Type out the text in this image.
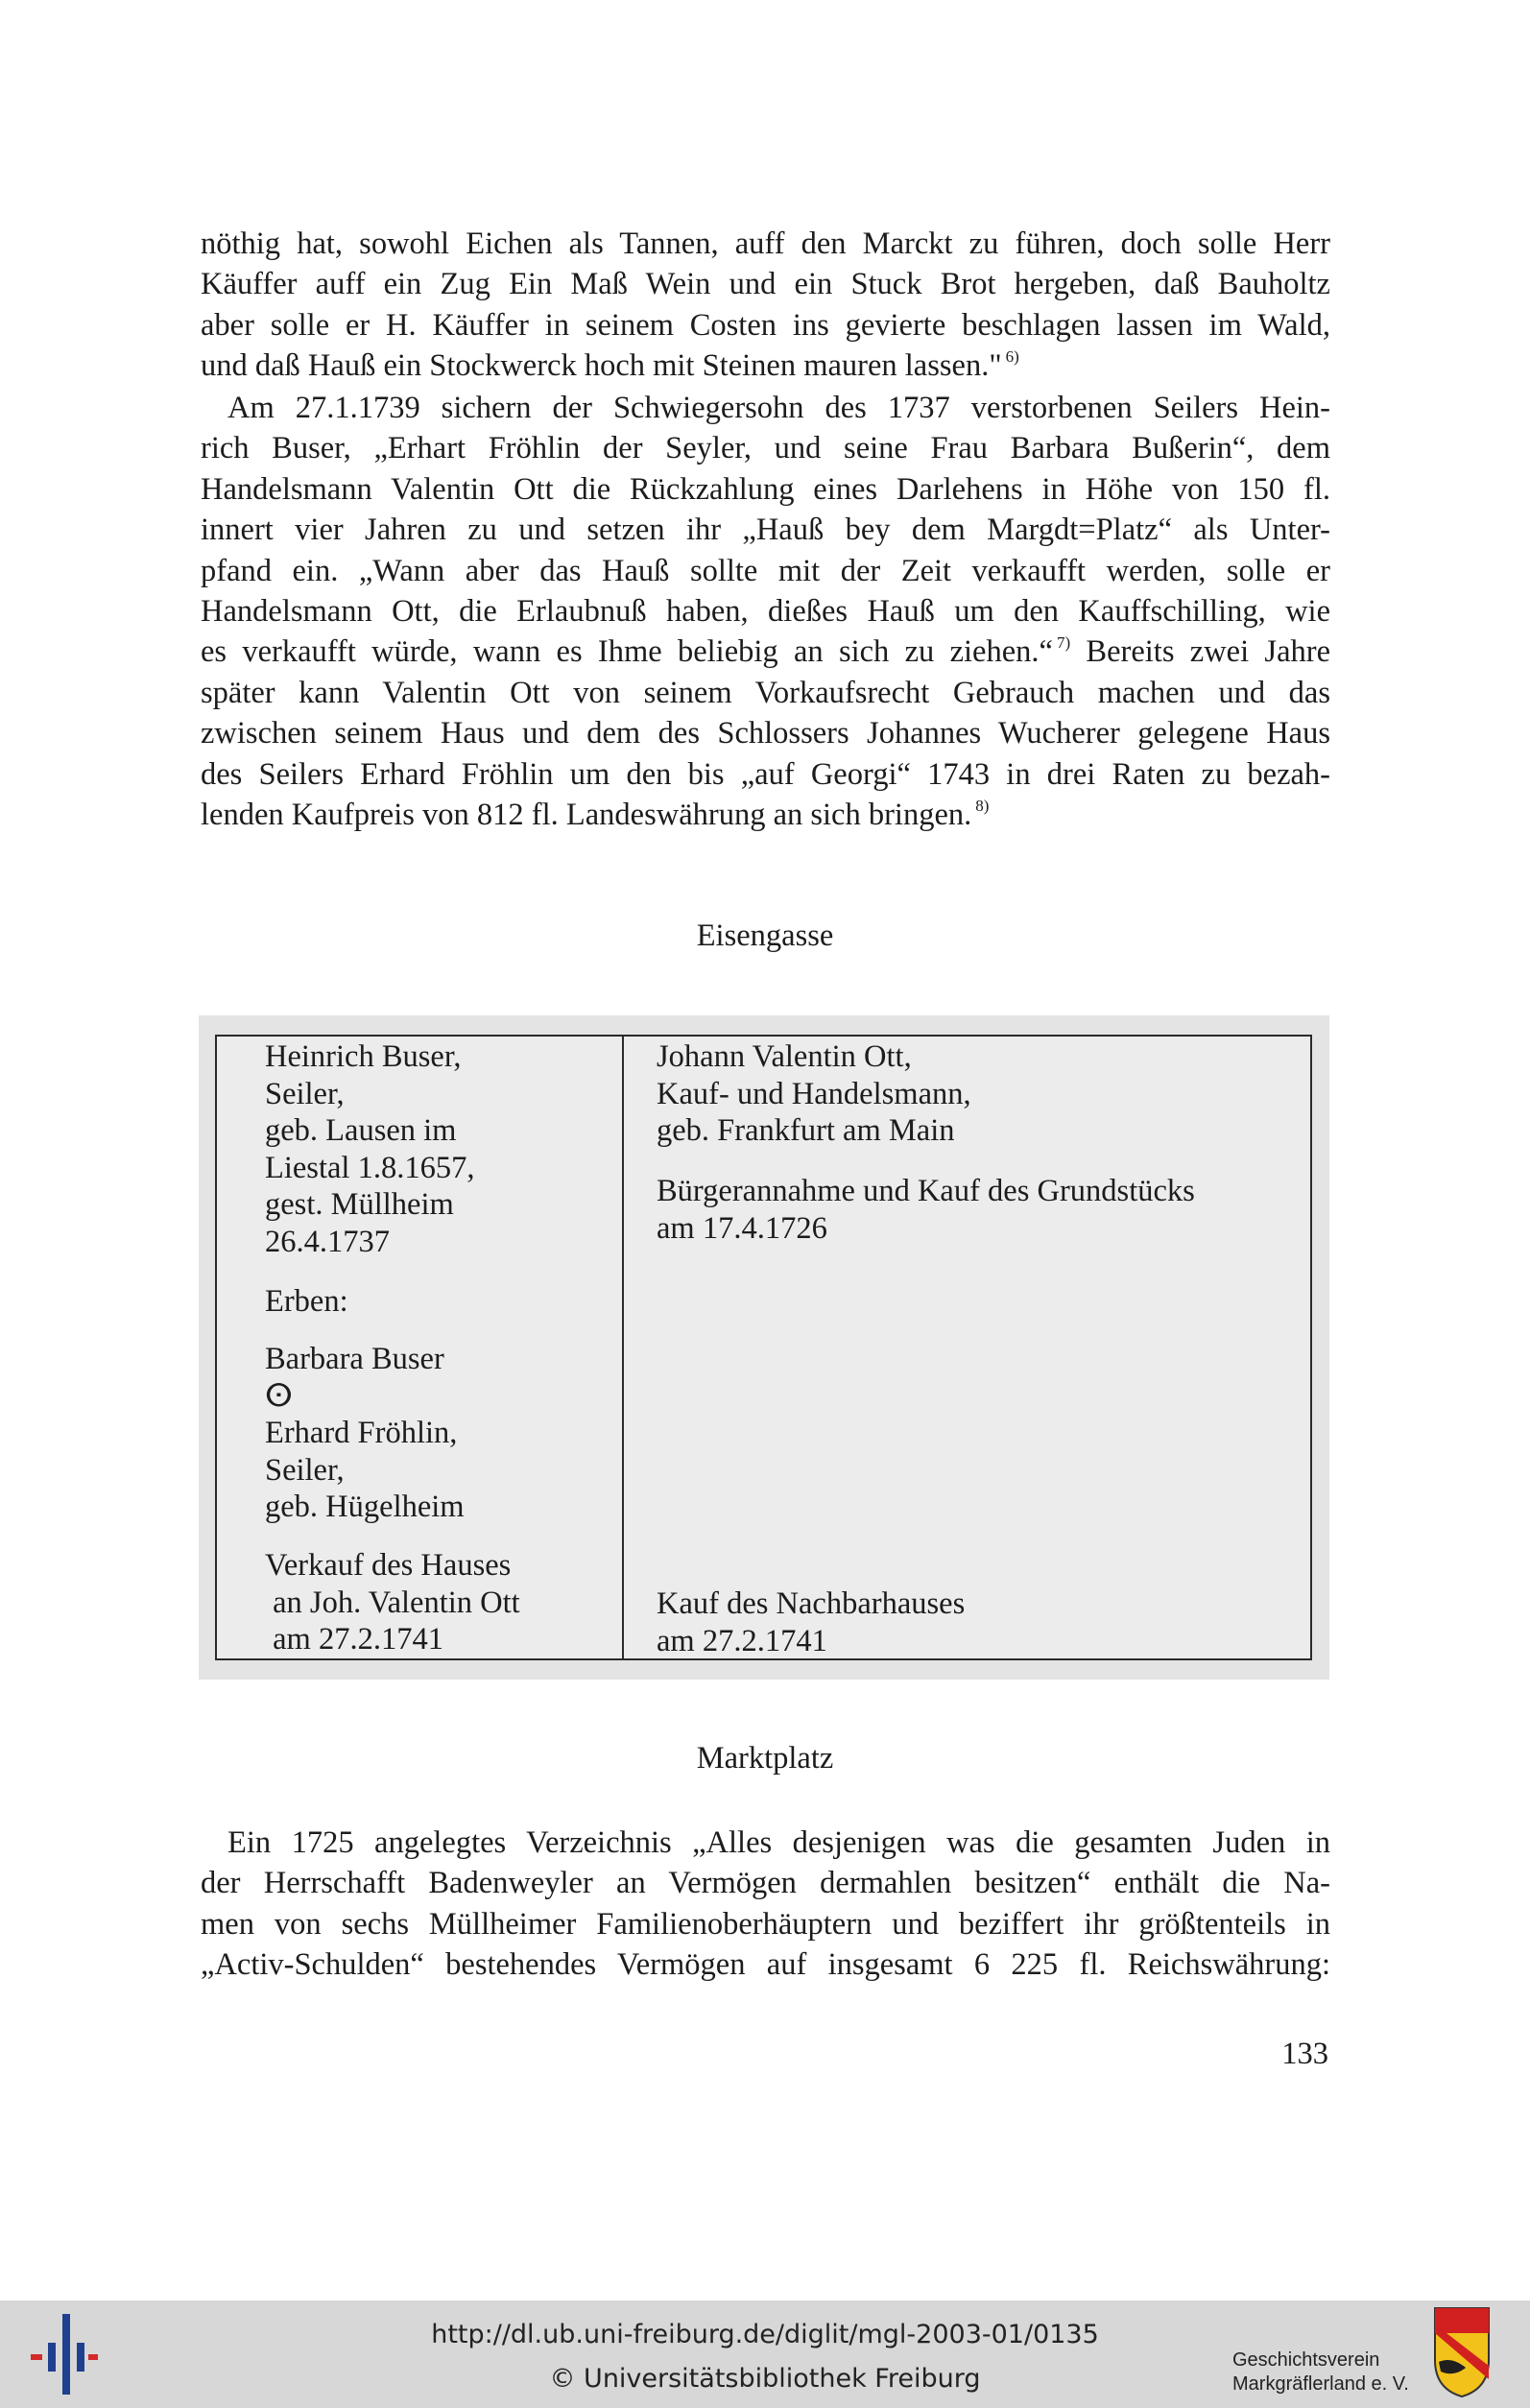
nöthig hat, sowohl Eichen als Tannen, auff den Marckt zu führen, doch solle Herr
Käuffer auff ein Zug Ein Maß Wein und ein Stuck Brot hergeben, daß Bauholtz
aber solle er H. Käuffer in seinem Costen ins gevierte beschlagen lassen im Wald,
und daß Hauß ein Stockwerck hoch mit Steinen mauren lassen." $^{6)}$
Am 27.1.1739 sichern der Schwiegersohn des 1737 verstorbenen Seilers Hein-
rich Buser, „Erhart Fröhlin der Seyler, und seine Frau Barbara Bußerin“, dem
Handelsmann Valentin Ott die Rückzahlung eines Darlehens in Höhe von 150 fl.
innert vier Jahren zu und setzen ihr „Hauß bey dem Margdt=Platz“ als Unter-
pfand ein. „Wann aber das Hauß sollte mit der Zeit verkaufft werden, solle er
Handelsmann Ott, die Erlaubnuß haben, dießes Hauß um den Kauffschilling, wie
es verkaufft würde, wann es Ihme beliebig an sich zu ziehen.“ $^{7)}$ Bereits zwei Jahre
später kann Valentin Ott von seinem Vorkaufsrecht Gebrauch machen und das
zwischen seinem Haus und dem des Schlossers Johannes Wucherer gelegene Haus
des Seilers Erhard Fröhlin um den bis „auf Georgi“ 1743 in drei Raten zu bezah-
lenden Kaufpreis von 812 fl. Landeswährung an sich bringen. $^{8)}$
Eisengasse
Heinrich Buser,
Seiler,
geb. Lausen im
Liestal 1.8.1657,
gest. Müllheim
26.4.1737
Erben:
Barbara Buser
ⵙ
Erhard Fröhlin,
Seiler,
geb. Hügelheim
Verkauf des Hauses
an Joh. Valentin Ott
am 27.2.1741
Johann Valentin Ott,
Kauf- und Handelsmann,
geb. Frankfurt am Main
Bürgerannahme und Kauf des Grundstücks
am 17.4.1726
Kauf des Nachbarhauses
am 27.2.1741
Marktplatz
Ein 1725 angelegtes Verzeichnis „Alles desjenigen was die gesamten Juden in
der Herrschafft Badenweyler an Vermögen dermahlen besitzen“ enthält die Na-
men von sechs Müllheimer Familienoberhäuptern und beziffert ihr größtenteils in
„Activ-Schulden“ bestehendes Vermögen auf insgesamt 6 225 fl. Reichswährung:
133
http://dl.ub.uni-freiburg.de/diglit/mgl-2003-01/0135
© Universitätsbibliothek Freiburg
Geschichtsverein
Markgräflerland e. V.
